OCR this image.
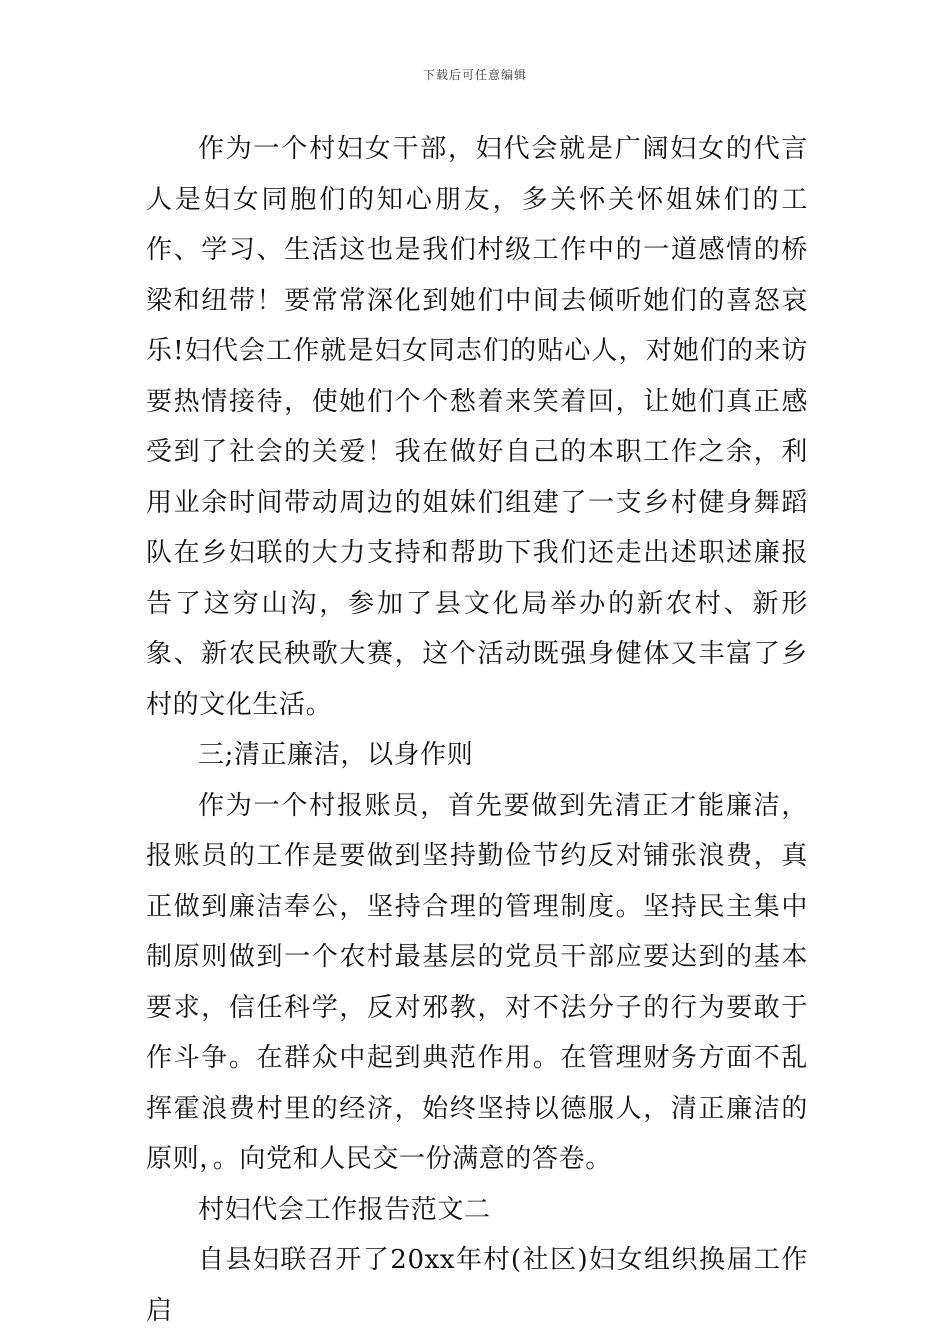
下载后可任意编辑

作为一个村妇女干部，妇代会就是广阔妇女的代言人是妇女同胞们的知心朋友，多关怀关怀姐妹们的工作、学习、生活这也是我们村级工作中的一道感情的桥梁和纽带！要常常深化到她们中间去倾听她们的喜怒哀乐!妇代会工作就是妇女同志们的贴心人，对她们的来访要热情接待，使她们个个愁着来笑着回，让她们真正感受到了社会的关爱！我在做好自己的本职工作之余，利用业余时间带动周边的姐妹们组建了一支乡村健身舞蹈队在乡妇联的大力支持和帮助下我们还走出述职述廉报告了这穷山沟，参加了县文化局举办的新农村、新形象、新农民秧歌大赛，这个活动既强身健体又丰富了乡村的文化生活。

三;清正廉洁，以身作则

作为一个村报账员，首先要做到先清正才能廉洁，报账员的工作是要做到坚持勤俭节约反对铺张浪费，真正做到廉洁奉公，坚持合理的管理制度。坚持民主集中制原则做到一个农村最基层的党员干部应要达到的基本要求，信任科学，反对邪教，对不法分子的行为要敢于作斗争。在群众中起到典范作用。在管理财务方面不乱挥霍浪费村里的经济，始终坚持以德服人，清正廉洁的原则，。向党和人民交一份满意的答卷。

村妇代会工作报告范文二

自县妇联召开了20xx年村(社区)妇女组织换届工作启
